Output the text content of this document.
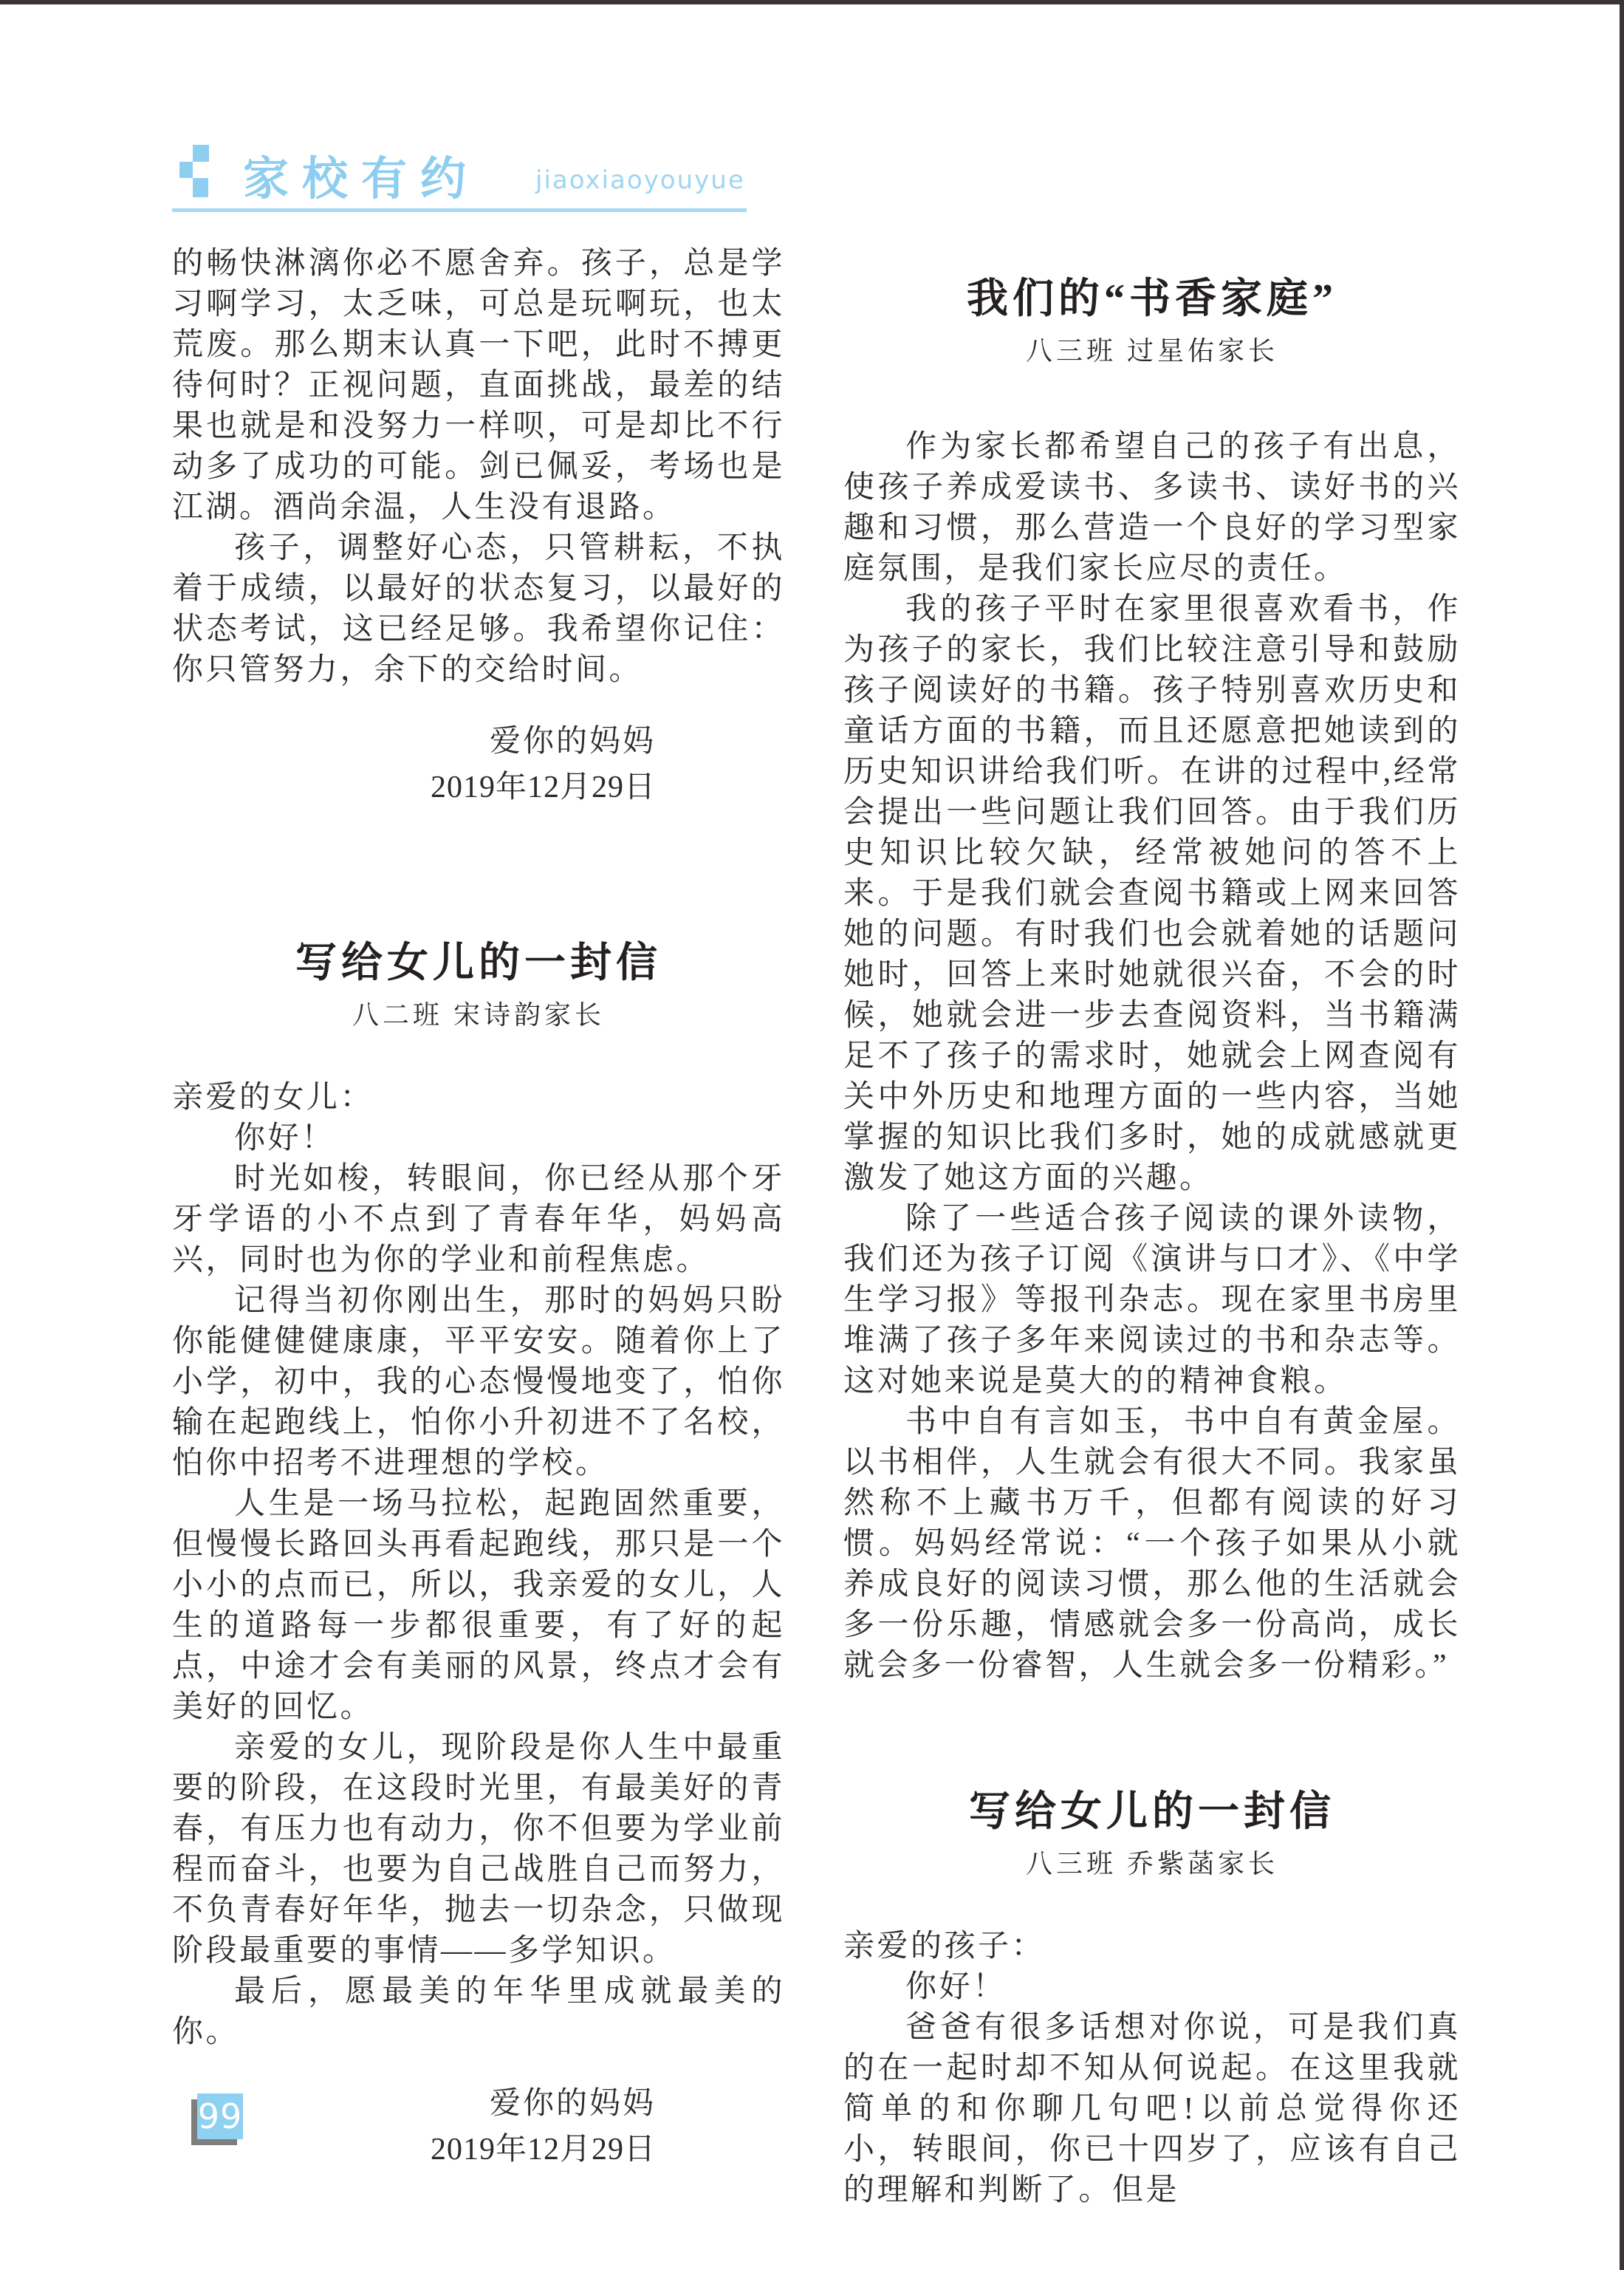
家校有约 jiaoxiaoyouyue

的畅快淋漓你必不愿舍弃。孩子，总是学习啊学习，太乏味，可总是玩啊玩，也太荒废。那么期末认真一下吧，此时不搏更待何时？正视问题，直面挑战，最差的结果也就是和没努力一样呗，可是却比不行动多了成功的可能。剑已佩妥，考场也是江湖。酒尚余温，人生没有退路。

孩子，调整好心态，只管耕耘，不执着于成绩，以最好的状态复习，以最好的状态考试，这已经足够。我希望你记住：你只管努力，余下的交给时间。

爱你的妈妈
2019年12月29日
写给女儿的一封信
八二班 宋诗韵家长

亲爱的女儿：

你好！

时光如梭，转眼间，你已经从那个牙牙学语的小不点到了青春年华，妈妈高兴，同时也为你的学业和前程焦虑。

记得当初你刚出生，那时的妈妈只盼你能健健健康康，平平安安。随着你上了小学，初中，我的心态慢慢地变了，怕你输在起跑线上，怕你小升初进不了名校，怕你中招考不进理想的学校。

人生是一场马拉松，起跑固然重要，但慢慢长路回头再看起跑线，那只是一个小小的点而已，所以，我亲爱的女儿，人生的道路每一步都很重要，有了好的起点，中途才会有美丽的风景，终点才会有美好的回忆。

亲爱的女儿，现阶段是你人生中最重要的阶段，在这段时光里，有最美好的青春，有压力也有动力，你不但要为学业前程而奋斗，也要为自己战胜自己而努力，不负青春好年华，抛去一切杂念，只做现阶段最重要的事情——多学知识。

最后，愿最美的年华里成就最美的你。

爱你的妈妈
2019年12月29日
我们的“书香家庭”
八三班 过星佑家长

作为家长都希望自己的孩子有出息，使孩子养成爱读书、多读书、读好书的兴趣和习惯，那么营造一个良好的学习型家庭氛围，是我们家长应尽的责任。

我的孩子平时在家里很喜欢看书，作为孩子的家长，我们比较注意引导和鼓励孩子阅读好的书籍。孩子特别喜欢历史和童话方面的书籍，而且还愿意把她读到的历史知识讲给我们听。在讲的过程中,经常会提出一些问题让我们回答。由于我们历史知识比较欠缺，经常被她问的答不上来。于是我们就会查阅书籍或上网来回答她的问题。有时我们也会就着她的话题问她时，回答上来时她就很兴奋，不会的时候，她就会进一步去查阅资料，当书籍满足不了孩子的需求时，她就会上网查阅有关中外历史和地理方面的一些内容，当她掌握的知识比我们多时，她的成就感就更激发了她这方面的兴趣。

除了一些适合孩子阅读的课外读物，我们还为孩子订阅《演讲与口才》、《中学生学习报》等报刊杂志。现在家里书房里堆满了孩子多年来阅读过的书和杂志等。这对她来说是莫大的的精神食粮。

书中自有言如玉，书中自有黄金屋。以书相伴，人生就会有很大不同。我家虽然称不上藏书万千，但都有阅读的好习惯。妈妈经常说：“一个孩子如果从小就养成良好的阅读习惯，那么他的生活就会多一份乐趣，情感就会多一份高尚，成长就会多一份睿智，人生就会多一份精彩。”

写给女儿的一封信
八三班 乔紫菡家长

亲爱的孩子：

你好！

爸爸有很多话想对你说，可是我们真的在一起时却不知从何说起。在这里我就简单的和你聊几句吧!以前总觉得你还小，转眼间，你已十四岁了，应该有自己的理解和判断了。但是

99
